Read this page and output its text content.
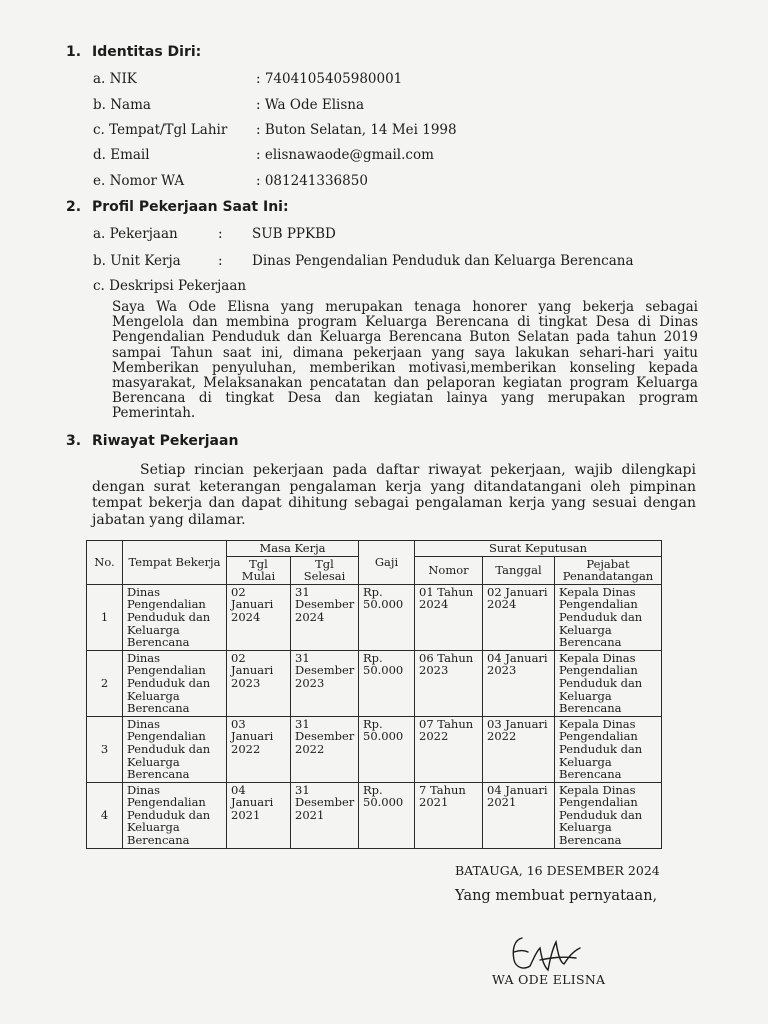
1. Identitas Diri:
a. NIK	: 7404105405980001
b. Nama	: Wa Ode Elisna
c. Tempat/Tgl Lahir : Buton Selatan, 14 Mei 1998
d. Email	: elisnawaode@gmail.com
e. Nomor WA	: 081241336850
2. Profil Pekerjaan Saat Ini:
a. Pekerjaan	: SUB PPKBD
b. Unit Kerja	: Dinas Pengendalian Penduduk dan Keluarga Berencana
c. Deskripsi Pekerjaan
Saya Wa Ode Elisna yang merupakan tenaga honorer yang bekerja sebagai Mengelola dan membina program Keluarga Berencana di tingkat Desa di Dinas Pengendalian Penduduk dan Keluarga Berencana Buton Selatan pada tahun 2019 sampai Tahun saat ini, dimana pekerjaan yang saya lakukan sehari-hari yaitu Memberikan penyuluhan, memberikan motivasi,memberikan konseling kepada masyarakat, Melaksanakan pencatatan dan pelaporan kegiatan program Keluarga Berencana di tingkat Desa dan kegiatan lainya yang merupakan program Pemerintah.
3. Riwayat Pekerjaan
Setiap rincian pekerjaan pada daftar riwayat pekerjaan, wajib dilengkapi dengan surat keterangan pengalaman kerja yang ditandatangani oleh pimpinan tempat bekerja dan dapat dihitung sebagai pengalaman kerja yang sesuai dengan jabatan yang dilamar.
No.	Tempat Bekerja	Masa Kerja		Gaji	Surat Keputusan		
		Tgl Mulai	Tgl Selesai		Nomor	Tanggal	Pejabat Penandatangan
1	Dinas Pengendalian Penduduk dan Keluarga Berencana	02 Januari 2024	31 Desember 2024	Rp. 50.000	01 Tahun 2024	02 Januari 2024	Kepala Dinas Pengendalian Penduduk dan Keluarga Berencana
2	Dinas Pengendalian Penduduk dan Keluarga Berencana	02 Januari 2023	31 Desember 2023	Rp. 50.000	06 Tahun 2023	04 Januari 2023	Kepala Dinas Pengendalian Penduduk dan Keluarga Berencana
3	Dinas Pengendalian Penduduk dan Keluarga Berencana	03 Januari 2022	31 Desember 2022	Rp. 50.000	07 Tahun 2022	03 Januari 2022	Kepala Dinas Pengendalian Penduduk dan Keluarga Berencana
4	Dinas Pengendalian Penduduk dan Keluarga Berencana	04 Januari 2021	31 Desember 2021	Rp. 50.000	7 Tahun 2021	04 Januari 2021	Kepala Dinas Pengendalian Penduduk dan Keluarga Berencana
BATAUGA, 16 DESEMBER 2024
Yang membuat pernyataan,
WA ODE ELISNA
